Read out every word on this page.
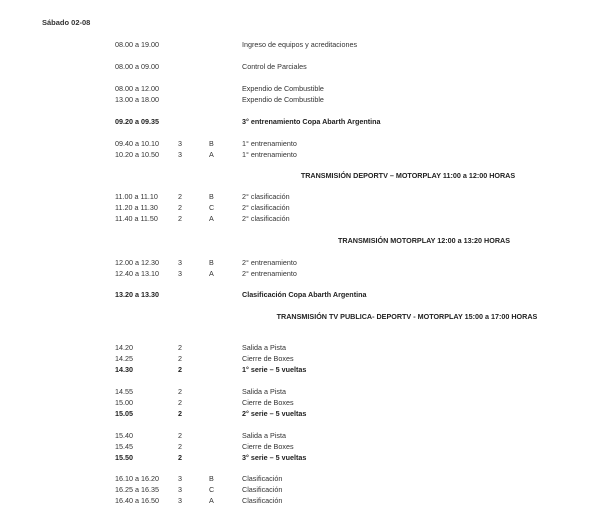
Sábado 02-08
08.00 a 19.00	Ingreso de equipos y acreditaciones
08.00 a 09.00	Control de Parciales
08.00 a 12.00	Expendio de Combustible
13.00 a 18.00	Expendio de Combustible
09.20 a 09.35	3° entrenamiento Copa Abarth Argentina
09.40 a 10.10	3	B	1° entrenamiento
10.20 a 10.50	3	A	1° entrenamiento
TRANSMISIÓN DEPORTV – MOTORPLAY 11:00 a 12:00 HORAS
11.00 a 11.10	2	B	2° clasificación
11.20 a 11.30	2	C	2° clasificación
11.40 a 11.50	2	A	2° clasificación
TRANSMISIÓN MOTORPLAY 12:00 a 13:20 HORAS
12.00 a 12.30	3	B	2° entrenamiento
12.40 a 13.10	3	A	2° entrenamiento
13.20 a 13.30	Clasificación Copa Abarth Argentina
TRANSMISIÓN TV PUBLICA- DEPORTV - MOTORPLAY 15:00 a 17:00 HORAS
14.20	2	Salida a Pista
14.25	2	Cierre de Boxes
14.30	2	1° serie – 5 vueltas
14.55	2	Salida a Pista
15.00	2	Cierre de Boxes
15.05	2	2° serie – 5 vueltas
15.40	2	Salida a Pista
15.45	2	Cierre de Boxes
15.50	2	3° serie – 5 vueltas
16.10 a 16.20	3	B	Clasificación
16.25 a 16.35	3	C	Clasificación
16.40 a 16.50	3	A	Clasificación
